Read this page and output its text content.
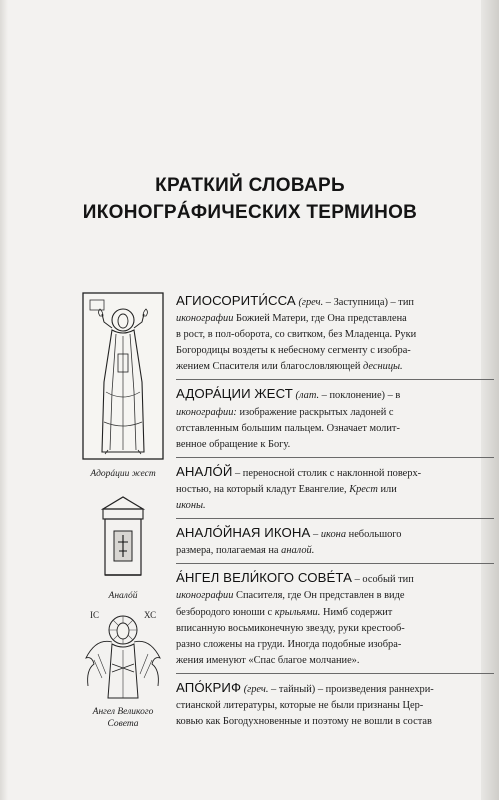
КРАТКИЙ СЛОВАРЬ
ИКОНОГРÁФИЧЕСКИХ ТЕРМИНОВ
Адорáции жест
Аналóй
ІС	ХС
Ангел Великого
Совета
АГИОСОРИТИ́ССА (греч. – Заступница) – тип
иконографии Божией Матери, где Она представлена
в рост, в пол-оборота, со свитком, без Младенца. Руки
Богородицы воздеты к небесному сегменту с изобра-
жением Спасителя или благословляющей десницы.
АДОРА́ЦИИ ЖЕСТ (лат. – поклонение) – в
иконографии: изображение раскрытых ладоней с
отставленным большим пальцем. Означает молит-
венное обращение к Богу.
АНАЛО́Й – переносной столик с наклонной поверх-
ностью, на который кладут Евангелие, Крест или
иконы.
АНАЛО́ЙНАЯ ИКОНА – икона небольшого
размера, полагаемая на аналой.
А́НГЕЛ ВЕЛИ́КОГО СОВЕ́ТА – особый тип
иконографии Спасителя, где Он представлен в виде
безбородого юноши с крыльями. Нимб содержит
вписанную восьмиконечную звезду, руки крестооб-
разно сложены на груди. Иногда подобные изобра-
жения именуют «Спас благое молчание».
АПО́КРИФ (греч. – тайный) – произведения раннехри-
стианской литературы, которые не были признаны Цер-
ковью как Богодухновенные и поэтому не вошли в состав
